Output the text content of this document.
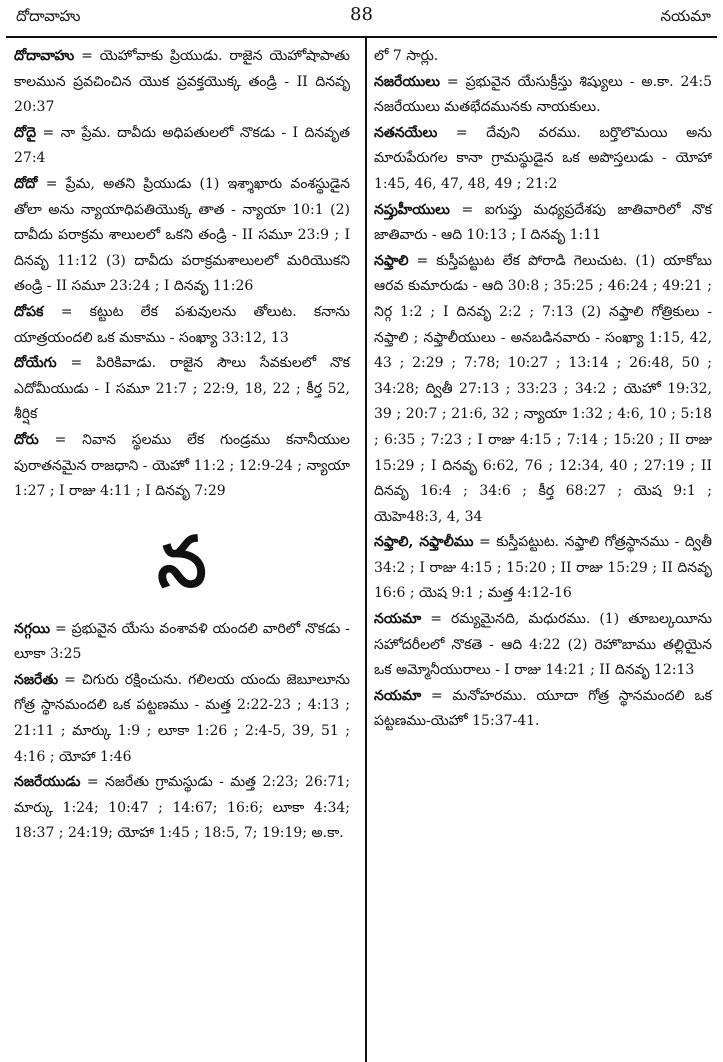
దోదావాహు	88	నయమా

దోదావాహు = యెహోవాకు ప్రియుడు. రాజైన యెహోషాపాతు కాలమున ప్రవచించిన యొక ప్రవక్తయొక్క తండ్రి - II దినవృ 20:37

దోదై = నా ప్రేమ. దావీదు అధిపతులలో నొకడు - I దినవృత 27:4

దోదో = ప్రేమ, అతని ప్రియుడు (1) ఇశ్శాఖారు వంశస్థుడైన తోలా అను న్యాయాధిపతియొక్క తాత - న్యాయా 10:1 (2) దావీదు పరాక్రమ శాలులలో ఒకని తండ్రి - II సమూ 23:9 ; I దినవృ 11:12 (3) దావీదు పరాక్రమశాలులలో మరియొకని తండ్రి - II సమూ 23:24 ; I దినవృ 11:26

దోపక = కట్టుట లేక పశువులను తోలుట. కనాను యాత్రయందలి ఒక మకాము - సంఖ్యా 33:12, 13

దోయేగు = పిరికివాడు. రాజైన సౌలు సేవకులలో నొక ఎదోమీయుడు - I సమూ 21:7 ; 22:9, 18, 22 ; కీర్త 52, శీర్షిక

దోరు = నివాన స్థలము లేక గుండ్రము కనానీయుల పురాతనమైన రాజధాని - యెహో 11:2 ; 12:9-24 ; న్యాయా 1:27 ; I రాజు 4:11 ; I దినవృ 7:29

న

నగ్గయి = ప్రభువైన యేసు వంశావళి యందలి వారిలో నొకడు - లూకా 3:25

నజరేతు = చిగురు రక్షించును. గలిలయ యందు జెబూలూను గోత్ర స్థానమందలి ఒక పట్టణము - మత్త 2:22-23 ; 4:13 ; 21:11 ; మార్కు 1:9 ; లూకా 1:26 ; 2:4-5, 39, 51 ; 4:16 ; యోహా 1:46

నజరేయుడు = నజరేతు గ్రామస్థుడు - మత్త 2:23; 26:71; మార్కు 1:24; 10:47 ; 14:67; 16:6; లూకా 4:34; 18:37 ; 24:19; యోహా 1:45 ; 18:5, 7; 19:19; అ.కా.

లో 7 సార్లు.

నజరేయులు = ప్రభువైన యేసుక్రీస్తు శిష్యులు - అ.కా. 24:5 నజరేయులు మతభేదమునకు నాయకులు.

నతనయేలు = దేవుని వరము. బర్తొలొమయి అను మారుపేరుగల కానా గ్రామస్థుడైన ఒక అపొస్తలుడు - యోహా 1:45, 46, 47, 48, 49 ; 21:2

నప్తుహీయులు = ఐగుప్తు మధ్యప్రదేశపు జాతివారిలో నొక జాతివారు - ఆది 10:13 ; I దినవృ 1:11

నఫ్తాలి = కుస్తీపట్టుట లేక పోరాడి గెలుచుట. (1) యాకోబు ఆరవ కుమారుడు - ఆది 30:8 ; 35:25 ; 46:24 ; 49:21 ; నిర్గ 1:2 ; I దినవృ 2:2 ; 7:13 (2) నఫ్తాలి గోత్రికులు - నఫ్తాలి ; నఫ్తాలీయులు - అనబడినవారు - సంఖ్యా 1:15, 42, 43 ; 2:29 ; 7:78; 10:27 ; 13:14 ; 26:48, 50 ; 34:28; ద్వితీ 27:13 ; 33:23 ; 34:2 ; యెహో 19:32, 39 ; 20:7 ; 21:6, 32 ; న్యాయా 1:32 ; 4:6, 10 ; 5:18 ; 6:35 ; 7:23 ; I రాజు 4:15 ; 7:14 ; 15:20 ; II రాజు 15:29 ; I దినవృ 6:62, 76 ; 12:34, 40 ; 27:19 ; II దినవృ 16:4 ; 34:6 ; కీర్త 68:27 ; యెష 9:1 ; యెహె48:3, 4, 34

నఫ్తాలి, నఫ్తాలీము = కుస్తీపట్టుట. నఫ్తాలి గోత్రస్థానము - ద్వితీ 34:2 ; I రాజు 4:15 ; 15:20 ; II రాజు 15:29 ; II దినవృ 16:6 ; యెష 9:1 ; మత్త 4:12-16

నయమా = రమ్యమైనది, మధురము. (1) తూబల్కయీను సహోదరీలలో నొకతె - ఆది 4:22 (2) రెహొబాము తల్లియైన ఒక అమ్మోనీయురాలు - I రాజు 14:21 ; II దినవృ 12:13

నయమా = మనోహరము. యూదా గోత్ర స్థానమందలి ఒక పట్టణము-యెహో 15:37-41.
